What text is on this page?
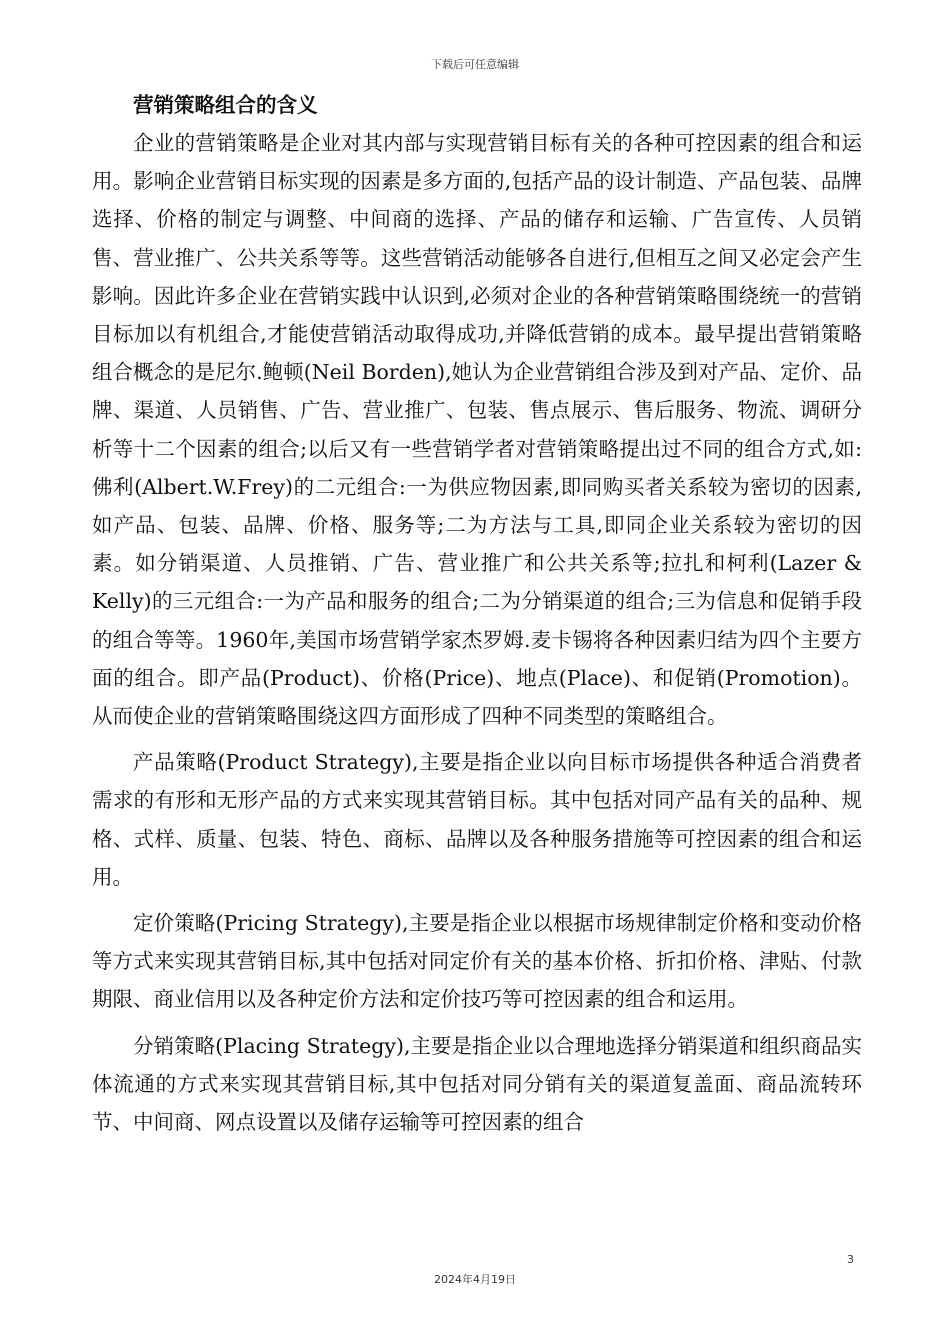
下载后可任意编辑
营销策略组合的含义

企业的营销策略是企业对其内部与实现营销目标有关的各种可控因素的组合和运用。影响企业营销目标实现的因素是多方面的,包括产品的设计制造、产品包装、品牌选择、价格的制定与调整、中间商的选择、产品的储存和运输、广告宣传、人员销售、营业推广、公共关系等等。这些营销活动能够各自进行,但相互之间又必定会产生影响。因此许多企业在营销实践中认识到,必须对企业的各种营销策略围绕统一的营销目标加以有机组合,才能使营销活动取得成功,并降低营销的成本。最早提出营销策略组合概念的是尼尔.鲍顿(Neil Borden),她认为企业营销组合涉及到对产品、定价、品牌、渠道、人员销售、广告、营业推广、包装、售点展示、售后服务、物流、调研分析等十二个因素的组合;以后又有一些营销学者对营销策略提出过不同的组合方式,如:佛利(Albert.W.Frey)的二元组合:一为供应物因素,即同购买者关系较为密切的因素,如产品、包装、品牌、价格、服务等;二为方法与工具,即同企业关系较为密切的因素。如分销渠道、人员推销、广告、营业推广和公共关系等;拉扎和柯利(Lazer & Kelly)的三元组合:一为产品和服务的组合;二为分销渠道的组合;三为信息和促销手段的组合等等。1960年,美国市场营销学家杰罗姆.麦卡锡将各种因素归结为四个主要方面的组合。即产品(Product)、价格(Price)、地点(Place)、和促销(Promotion)。从而使企业的营销策略围绕这四方面形成了四种不同类型的策略组合。

产品策略(Product Strategy),主要是指企业以向目标市场提供各种适合消费者需求的有形和无形产品的方式来实现其营销目标。其中包括对同产品有关的品种、规格、式样、质量、包装、特色、商标、品牌以及各种服务措施等可控因素的组合和运用。

定价策略(Pricing Strategy),主要是指企业以根据市场规律制定价格和变动价格等方式来实现其营销目标,其中包括对同定价有关的基本价格、折扣价格、津贴、付款期限、商业信用以及各种定价方法和定价技巧等可控因素的组合和运用。

分销策略(Placing Strategy),主要是指企业以合理地选择分销渠道和组织商品实体流通的方式来实现其营销目标,其中包括对同分销有关的渠道复盖面、商品流转环节、中间商、网点设置以及储存运输等可控因素的组合

3
2024年4月19日
